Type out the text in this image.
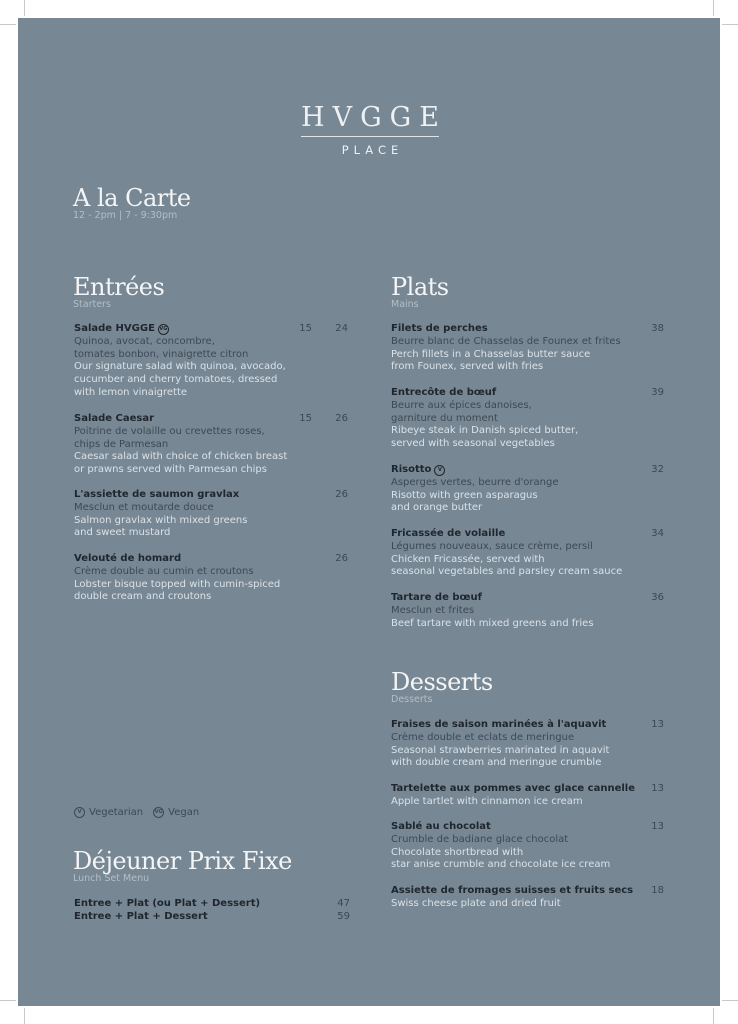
HVGGE
PLACE
A la Carte
12 - 2pm | 7 - 9:30pm
Entrées
Starters
Salade HVGGE VG
Quinoa, avocat, concombre,
tomates bonbon, vinaigrette citron
Our signature salad with quinoa, avocado,
cucumber and cherry tomatoes, dressed
with lemon vinaigrette
15	24
Salade Caesar
Poitrine de volaille ou crevettes roses,
chips de Parmesan
Caesar salad with choice of chicken breast
or prawns served with Parmesan chips
15	26
L'assiette de saumon gravlax
Mesclun et moutarde douce
Salmon gravlax with mixed greens
and sweet mustard
26
Velouté de homard
Crème double au cumin et croutons
Lobster bisque topped with cumin-spiced
double cream and croutons
26
V Vegetarian	VG Vegan
Déjeuner Prix Fixe
Lunch Set Menu
Entree + Plat (ou Plat + Dessert)	47
Entree + Plat + Dessert	59
Plats
Mains
Filets de perches
Beurre blanc de Chasselas de Founex et frites
Perch fillets in a Chasselas butter sauce
from Founex, served with fries
38
Entrecôte de bœuf
Beurre aux épices danoises,
garniture du moment
Ribeye steak in Danish spiced butter,
served with seasonal vegetables
39
Risotto	V
Asperges vertes, beurre d'orange
Risotto with green asparagus
and orange butter
32
Fricassée de volaille
Légumes nouveaux, sauce crème, persil
Chicken Fricassée, served with
seasonal vegetables and parsley cream sauce
34
Tartare de bœuf
Mesclun et frites
Beef tartare with mixed greens and fries
36
Desserts
Desserts
Fraises de saison marinées à l'aquavit
Crème double et eclats de meringue
Seasonal strawberries marinated in aquavit
with double cream and meringue crumble
13
Tartelette aux pommes avec glace cannelle
Apple tartlet with cinnamon ice cream
13
Sablé au chocolat
Crumble de badiane glace chocolat
Chocolate shortbread with
star anise crumble and chocolate ice cream
13
Assiette de fromages suisses et fruits secs
Swiss cheese plate and dried fruit
18
